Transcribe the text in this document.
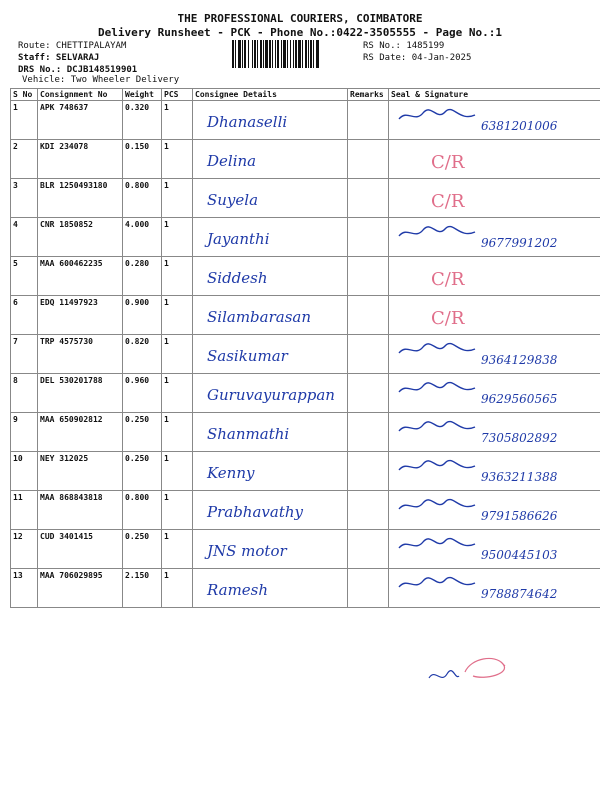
THE PROFESSIONAL COURIERS, COIMBATORE
Delivery Runsheet - PCK - Phone No.:0422-3505555 - Page No.:1
Route: CHETTIPALAYAM
Staff: SELVARAJ
DRS No.: DCJB148519901
Vehicle: Two Wheeler Delivery
RS No.: 1485199
RS Date: 04-Jan-2025
S No	Consignment No	Weight	PCS	Consignee Details	Remarks	Seal & Signature
1	APK 748637	0.320	1	Dhanaselli		6381201006

2	KDI 234078	0.150	1	Delina		C/R

3	BLR 1250493180	0.800	1	Suyela		C/R

4	CNR 1850852	4.000	1	Jayanthi		9677991202

5	MAA 600462235	0.280	1	Siddesh		C/R

6	EDQ 11497923	0.900	1	Silambarasan		C/R

7	TRP 4575730	0.820	1	Sasikumar		9364129838

8	DEL 530201788	0.960	1	Guruvayurappan		9629560565

9	MAA 650902812	0.250	1	Shanmathi		7305802892

10	NEY 312025	0.250	1	Kenny		9363211388

11	MAA 868843818	0.800	1	Prabhavathy		9791586626

12	CUD 3401415	0.250	1	JNS motor		9500445103

13	MAA 706029895	2.150	1	Ramesh		9788874642
